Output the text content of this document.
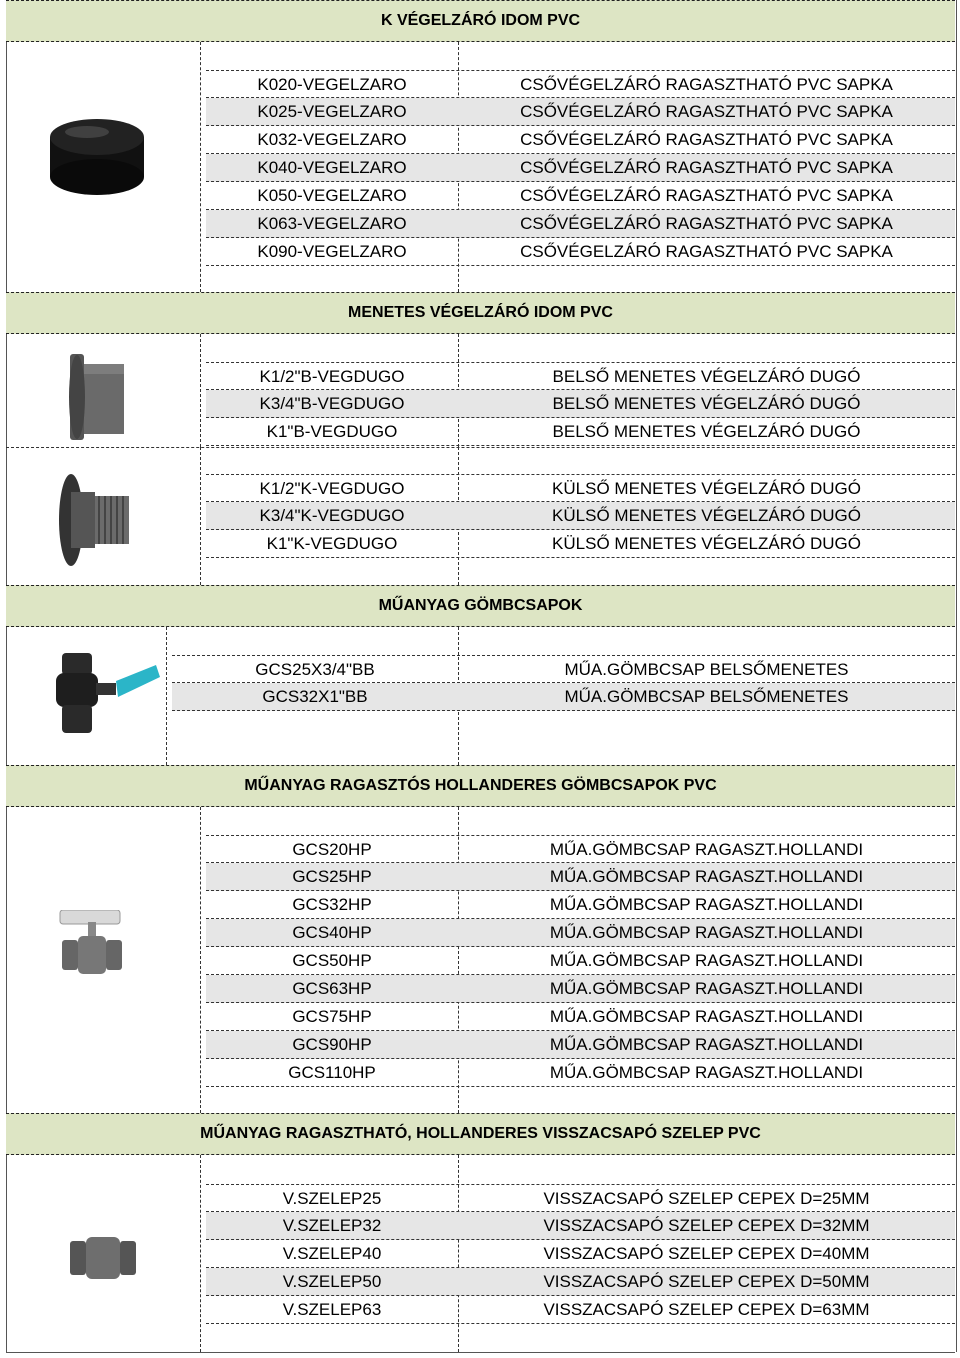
K VÉGELZÁRÓ IDOM PVC
K020-VEGELZARO	CSŐVÉGELZÁRÓ RAGASZTHATÓ PVC SAPKA
K025-VEGELZARO	CSŐVÉGELZÁRÓ RAGASZTHATÓ PVC SAPKA
K032-VEGELZARO	CSŐVÉGELZÁRÓ RAGASZTHATÓ PVC SAPKA
K040-VEGELZARO	CSŐVÉGELZÁRÓ RAGASZTHATÓ PVC SAPKA
K050-VEGELZARO	CSŐVÉGELZÁRÓ RAGASZTHATÓ PVC SAPKA
K063-VEGELZARO	CSŐVÉGELZÁRÓ RAGASZTHATÓ PVC SAPKA
K090-VEGELZARO	CSŐVÉGELZÁRÓ RAGASZTHATÓ PVC SAPKA
MENETES VÉGELZÁRÓ IDOM PVC
K1/2"B-VEGDUGO	BELSŐ MENETES VÉGELZÁRÓ DUGÓ
K3/4"B-VEGDUGO	BELSŐ MENETES VÉGELZÁRÓ DUGÓ
K1"B-VEGDUGO	BELSŐ MENETES VÉGELZÁRÓ DUGÓ
K1/2"K-VEGDUGO	KÜLSŐ MENETES VÉGELZÁRÓ DUGÓ
K3/4"K-VEGDUGO	KÜLSŐ MENETES VÉGELZÁRÓ DUGÓ
K1"K-VEGDUGO	KÜLSŐ MENETES VÉGELZÁRÓ DUGÓ
MŰANYAG GÖMBCSAPOK
GCS25X3/4"BB	MŰA.GÖMBCSAP BELSŐMENETES
GCS32X1"BB	MŰA.GÖMBCSAP BELSŐMENETES
MŰANYAG RAGASZTÓS HOLLANDERES GÖMBCSAPOK PVC
GCS20HP	MŰA.GÖMBCSAP RAGASZT.HOLLANDI
GCS25HP	MŰA.GÖMBCSAP RAGASZT.HOLLANDI
GCS32HP	MŰA.GÖMBCSAP RAGASZT.HOLLANDI
GCS40HP	MŰA.GÖMBCSAP RAGASZT.HOLLANDI
GCS50HP	MŰA.GÖMBCSAP RAGASZT.HOLLANDI
GCS63HP	MŰA.GÖMBCSAP RAGASZT.HOLLANDI
GCS75HP	MŰA.GÖMBCSAP RAGASZT.HOLLANDI
GCS90HP	MŰA.GÖMBCSAP RAGASZT.HOLLANDI
GCS110HP	MŰA.GÖMBCSAP RAGASZT.HOLLANDI
MŰANYAG RAGASZTHATÓ, HOLLANDERES VISSZACSAPÓ SZELEP PVC
V.SZELEP25	VISSZACSAPÓ SZELEP CEPEX D=25MM
V.SZELEP32	VISSZACSAPÓ SZELEP CEPEX D=32MM
V.SZELEP40	VISSZACSAPÓ SZELEP CEPEX D=40MM
V.SZELEP50	VISSZACSAPÓ SZELEP CEPEX D=50MM
V.SZELEP63	VISSZACSAPÓ SZELEP CEPEX D=63MM
